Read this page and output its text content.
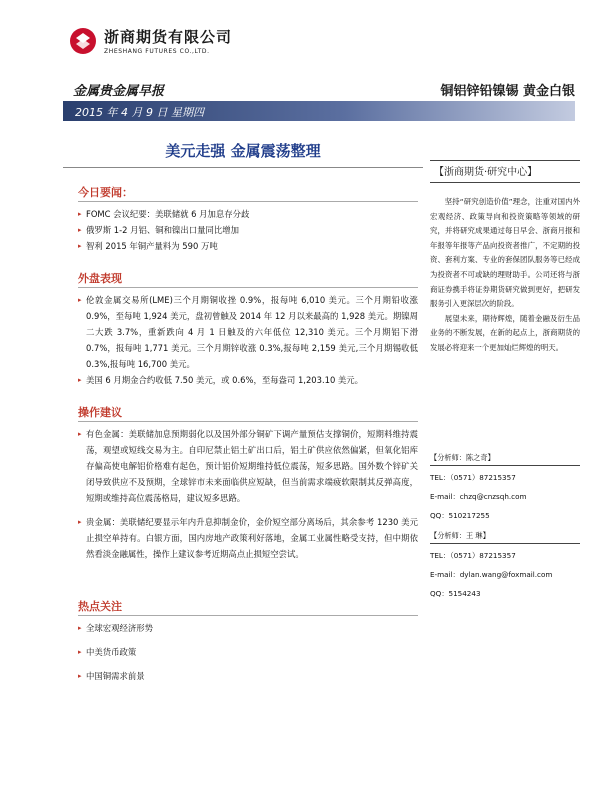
浙商期货有限公司
ZHESHANG FUTURES CO.,LTD.
金属贵金属早报	铜铝锌铅镍锡 黄金白银
2015 年 4 月 9 日 星期四
美元走强 金属震荡整理
今日要闻：
▸ FOMC 会议纪要：美联储就 6 月加息存分歧
▸ 俄罗斯 1-2 月铝、铜和镍出口量同比增加
▸ 智利 2015 年铜产量料为 590 万吨
外盘表现
▸ 伦敦金属交易所(LME)三个月期铜收挫 0.9%，报每吨 6,010 美元。三个月期铅收涨 0.9%，至每吨 1,924 美元，盘初曾触及 2014 年 12 月以来最高的 1,928 美元。期镍周二大跌 3.7%，重新跌向 4 月 1 日触及的六年低位 12,310 美元。三个月期铝下滑 0.7%，报每吨 1,771 美元。三个月期锌收涨 0.3%,报每吨 2,159 美元,三个月期锡收低 0.3%,报每吨 16,700 美元。
▸ 美国 6 月期金合约收低 7.50 美元，或 0.6%，至每盎司 1,203.10 美元。
操作建议
▸ 有色金属：美联储加息预期弱化以及国外部分铜矿下调产量预估支撑铜价，短期料维持震荡，观望或短线交易为主。自印尼禁止铝土矿出口后，铝土矿供应依然偏紧，但氧化铝库存偏高使电解铝价格难有起色，预计铝价短期维持低位震荡，短多思路。国外数个锌矿关闭导致供应不及预期，全球锌市未来面临供应短缺，但当前需求端疲软限制其反弹高度，短期或维持高位震荡格局，建议短多思路。
▸ 贵金属：美联储纪要显示年内升息抑制金价，金价短空部分离场后，其余参考 1230 美元止损空单持有。白银方面，国内房地产政策利好落地，金属工业属性略受支持，但中期依然看淡金融属性，操作上建议参考近期高点止损短空尝试。
热点关注
▸ 全球宏观经济形势
▸ 中美货币政策
▸ 中国铜需求前景
【浙商期货·研究中心】

坚持“研究创造价值”理念，注重对国内外宏观经济、政策导向和投资策略等领域的研究，并将研究成果通过每日早会、浙商月报和年报等年报等产品向投资者推广，不定期的投资、套利方案、专业的套保团队服务等已经成为投资者不可或缺的理财助手。公司还将与浙商证券携手将证券期货研究做到更好，把研发服务引入更深层次的阶段。

展望未来，期待辉煌，随着金融及衍生品业务的不断发展，在新的起点上，浙商期货的发展必将迎来一个更加灿烂辉煌的明天。

【分析师：陈之奇】
TEL：（0571）87215357
E-mail：chzq@cnzsqh.com
QQ：510217255
【分析师：王 琳】
TEL：（0571）87215357
E-mail：dylan.wang@foxmail.com
QQ：5154243
